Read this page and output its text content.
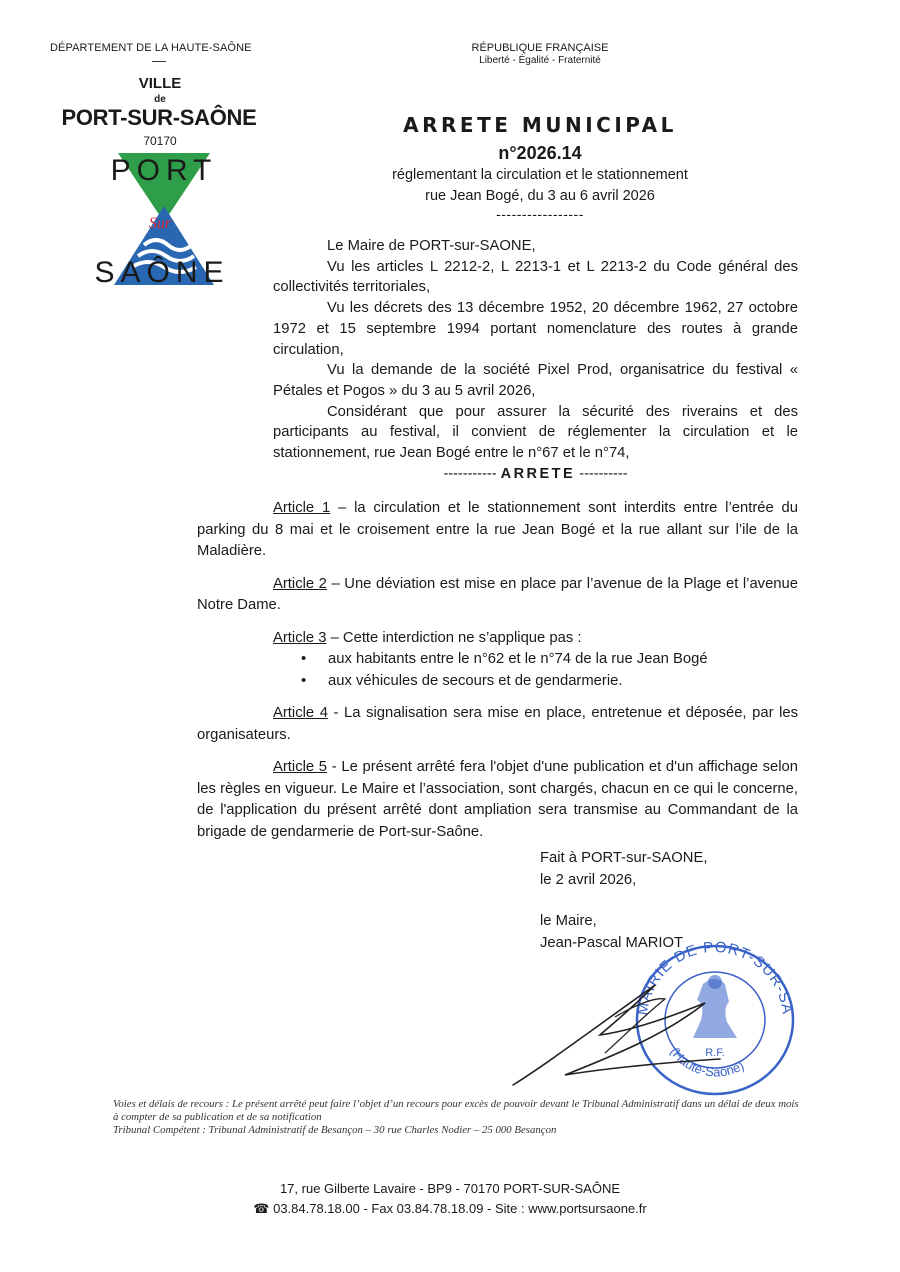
DÉPARTEMENT DE LA HAUTE-SAÔNE
VILLE
de
PORT-SUR-SAÔNE
70170
PORT
Sur
SAÔNE
RÉPUBLIQUE FRANÇAISE
Liberté - Égalité - Fraternité
ARRETE MUNICIPAL
n°2026.14
réglementant la circulation et le stationnement
rue Jean Bogé, du 3 au 6 avril 2026
-----------------

Le Maire de PORT-sur-SAONE,

Vu les articles L 2212-2, L 2213-1 et L 2213-2 du Code général des collectivités territoriales,

Vu les décrets des 13 décembre 1952, 20 décembre 1962, 27 octobre 1972 et 15 septembre 1994 portant nomenclature des routes à grande circulation,

Vu la demande de la société Pixel Prod, organisatrice du festival « Pétales et Pogos » du 3 au 5 avril 2026,

Considérant que pour assurer la sécurité des riverains et des participants au festival, il convient de réglementer la circulation et le stationnement, rue Jean Bogé entre le n°67 et le n°74,

----------- ARRETE ----------

Article 1 – la circulation et le stationnement sont interdits entre l’entrée du parking du 8 mai et le croisement entre la rue Jean Bogé et la rue allant sur l’ile de la Maladière.

Article 2 – Une déviation est mise en place par l’avenue de la Plage et l’avenue Notre Dame.

Article 3 – Cette interdiction ne s’applique pas :

• aux habitants entre le n°62 et le n°74 de la rue Jean Bogé
• aux véhicules de secours et de gendarmerie.

Article 4 - La signalisation sera mise en place, entretenue et déposée, par les organisateurs.

Article 5 - Le présent arrêté fera l'objet d'une publication et d'un affichage selon les règles en vigueur. Le Maire et l’association, sont chargés, chacun en ce qui le concerne, de l'application du présent arrêté dont ampliation sera transmise au Commandant de la brigade de gendarmerie de Port-sur-Saône.

Fait à PORT-sur-SAONE,
le 2 avril 2026,
le Maire,
Jean-Pascal MARIOT
MAIRIE DE PORT-SUR-SA
R.F.
(Haute-Saône)
Voies et délais de recours : Le présent arrêté peut faire l’objet d’un recours pour excès de pouvoir devant le Tribunal Administratif dans un délai de deux mois à compter de sa publication et de sa notification
Tribunal Compétent : Tribunal Administratif de Besançon – 30 rue Charles Nodier – 25 000 Besançon
17, rue Gilberte Lavaire - BP9 - 70170 PORT-SUR-SAÔNE
☎ 03.84.78.18.00 - Fax 03.84.78.18.09 - Site : www.portsursaone.fr
